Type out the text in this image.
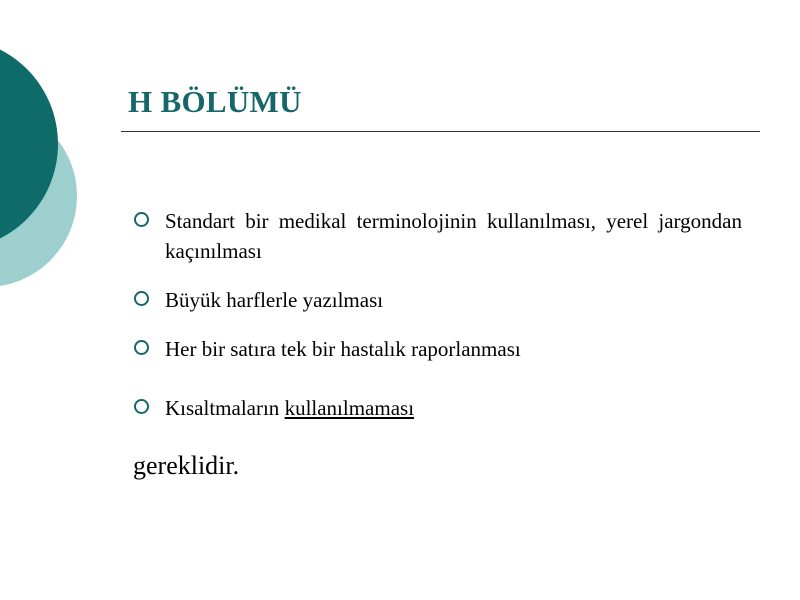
H BÖLÜMÜ
Standart bir medikal terminolojinin kullanılması, yerel jargondan kaçınılması
Büyük harflerle yazılması
Her bir satıra tek bir hastalık raporlanması
Kısaltmaların kullanılmaması

gereklidir.
